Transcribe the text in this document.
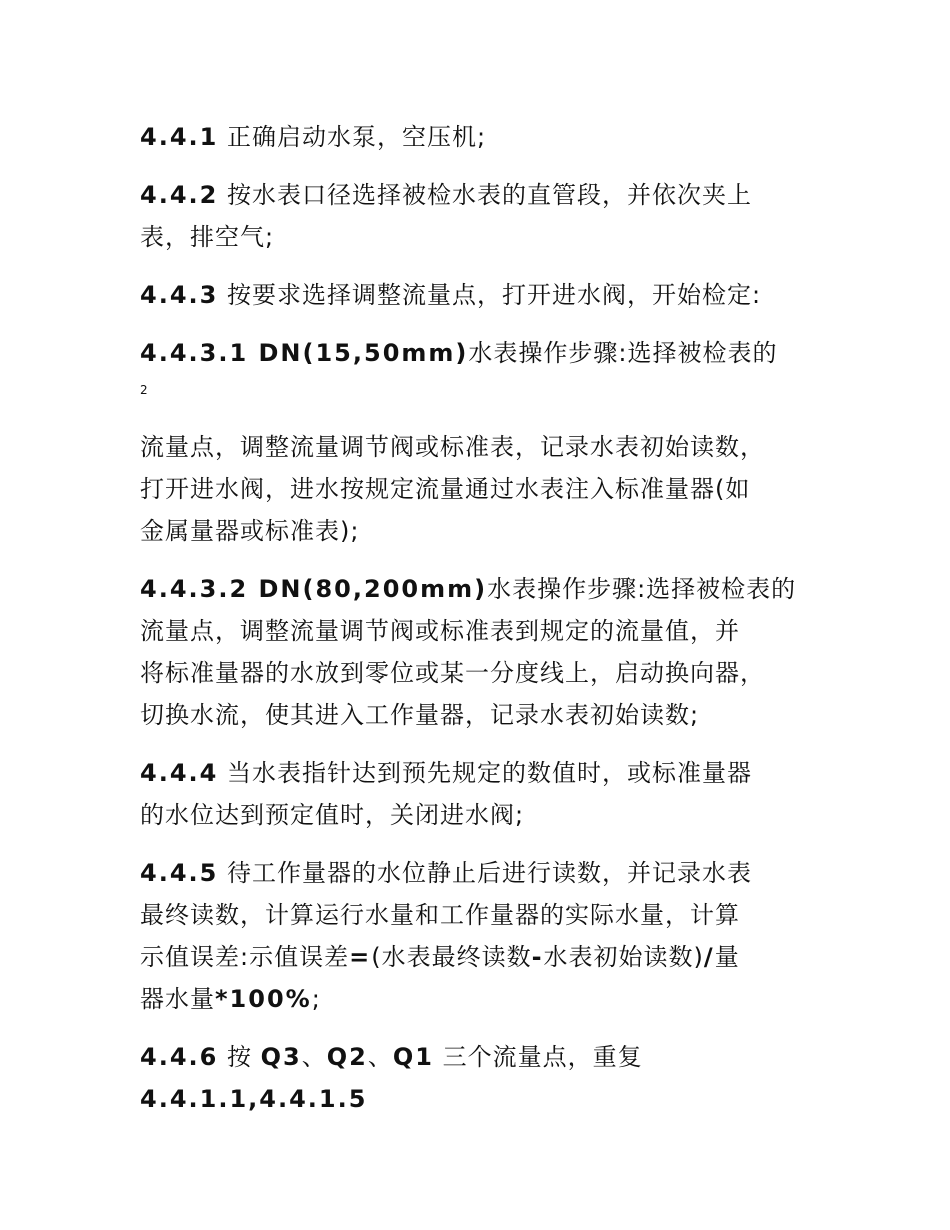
4.4.1 正确启动水泵，空压机;

4.4.2 按水表口径选择被检水表的直管段，并依次夹上
表，排空气;

4.4.3 按要求选择调整流量点，打开进水阀，开始检定:

4.4.3.1 DN(15,50mm)水表操作步骤:选择被检表的

2

流量点，调整流量调节阀或标准表，记录水表初始读数，
打开进水阀，进水按规定流量通过水表注入标准量器(如
金属量器或标准表);

4.4.3.2 DN(80,200mm)水表操作步骤:选择被检表的
流量点，调整流量调节阀或标准表到规定的流量值，并
将标准量器的水放到零位或某一分度线上，启动换向器，
切换水流，使其进入工作量器，记录水表初始读数;

4.4.4 当水表指针达到预先规定的数值时，或标准量器
的水位达到预定值时，关闭进水阀;

4.4.5 待工作量器的水位静止后进行读数，并记录水表
最终读数，计算运行水量和工作量器的实际水量，计算
示值误差:示值误差=(水表最终读数-水表初始读数)/量
器水量*100%;

4.4.6 按 Q3、Q2、Q1 三个流量点，重复
4.4.1.1,4.4.1.5
